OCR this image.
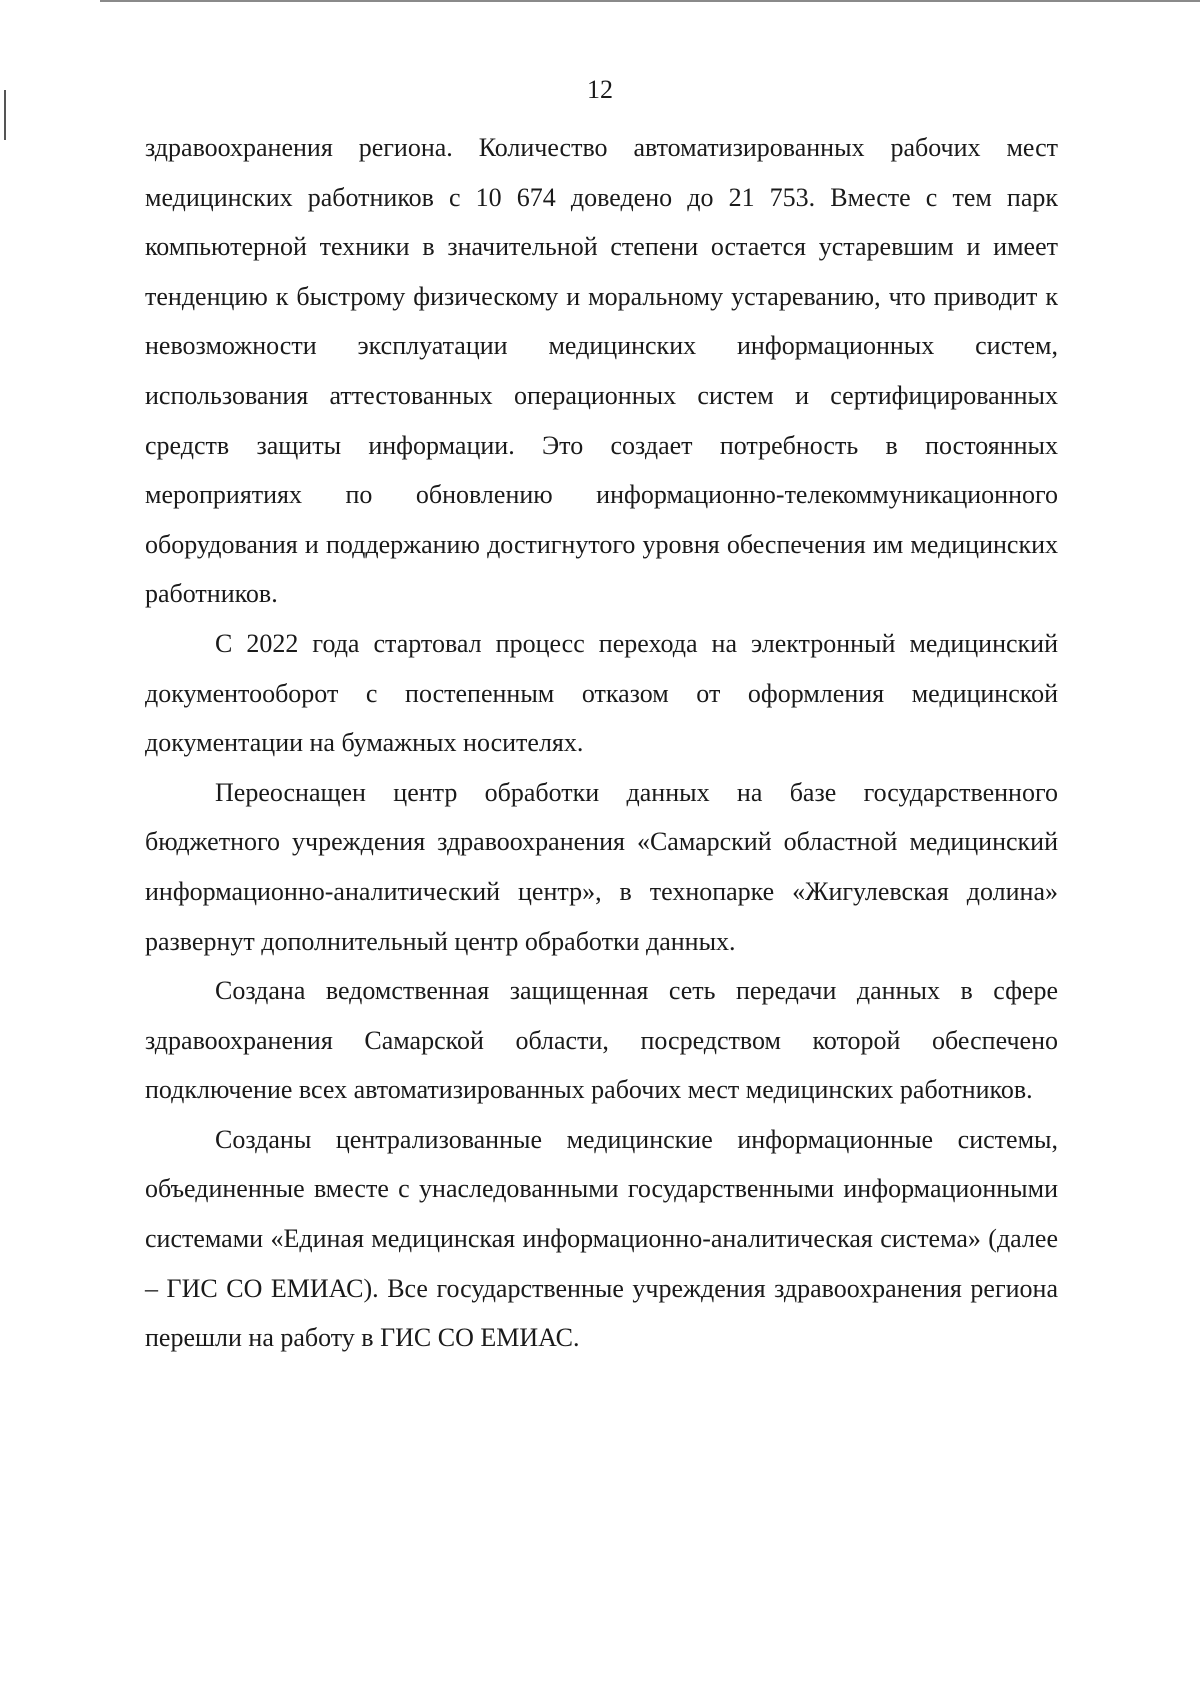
12

здравоохранения региона. Количество автоматизированных рабочих мест медицинских работников с 10 674 доведено до 21 753. Вместе с тем парк компьютерной техники в значительной степени остается устаревшим и имеет тенденцию к быстрому физическому и моральному устареванию, что приводит к невозможности эксплуатации медицинских информационных систем, использования аттестованных операционных систем и сертифицированных средств защиты информации. Это создает потребность в постоянных мероприятиях по обновлению информационно-телекоммуникационного оборудования и поддержанию достигнутого уровня обеспечения им медицинских работников.

С 2022 года стартовал процесс перехода на электронный медицинский документооборот с постепенным отказом от оформления медицинской документации на бумажных носителях.

Переоснащен центр обработки данных на базе государственного бюджетного учреждения здравоохранения «Самарский областной медицинский информационно-аналитический центр», в технопарке «Жигулевская долина» развернут дополнительный центр обработки данных.

Создана ведомственная защищенная сеть передачи данных в сфере здравоохранения Самарской области, посредством которой обеспечено подключение всех автоматизированных рабочих мест медицинских работников.

Созданы централизованные медицинские информационные системы, объединенные вместе с унаследованными государственными информационными системами «Единая медицинская информационно-аналитическая система» (далее – ГИС СО ЕМИАС). Все государственные учреждения здравоохранения региона перешли на работу в ГИС СО ЕМИАС.
